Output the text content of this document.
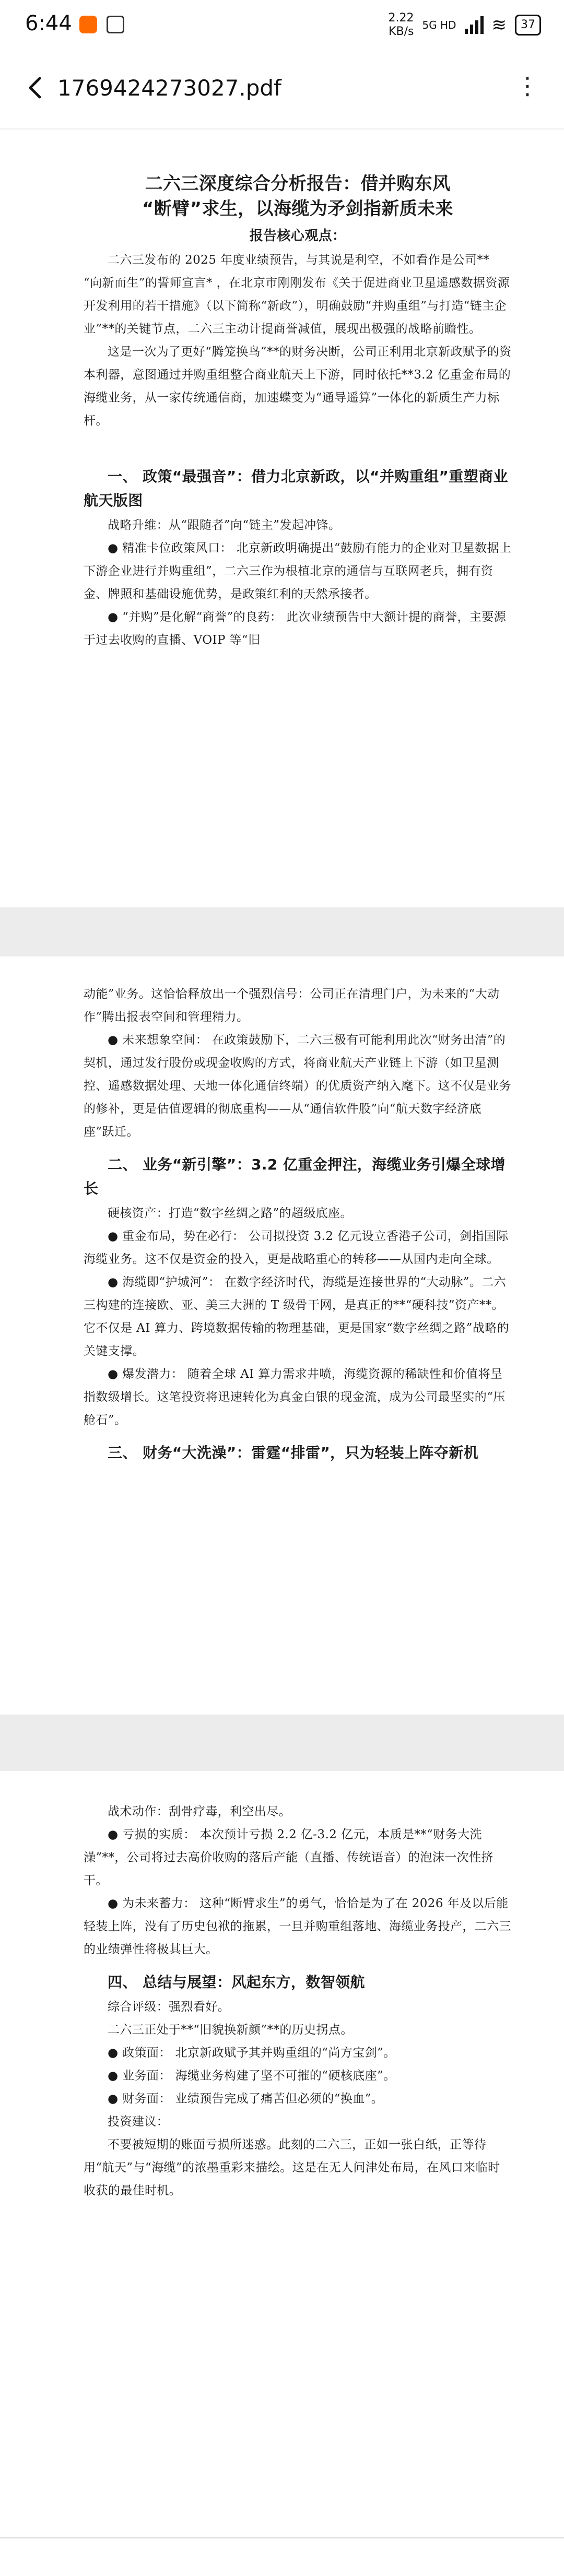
6:44	2.22
KB/s 5G HD ≋	37
1769424273027.pdf	⋮
二六三深度综合分析报告：借并购东风
“断臂”求生，以海缆为矛剑指新质未来
报告核心观点：

二六三发布的 2025 年度业绩预告，与其说是利空，不如看作是公司** “向新而生”的誓师宣言* ，在北京市刚刚发布《关于促进商业卫星遥感数据资源开发利用的若干措施》（以下简称“新政”），明确鼓励“并购重组”与打造“链主企业”**的关键节点，二六三主动计提商誉减值，展现出极强的战略前瞻性。

这是一次为了更好“腾笼换鸟”**的财务决断，公司正利用北京新政赋予的资本利器，意图通过并购重组整合商业航天上下游，同时依托**3.2 亿重金布局的海缆业务，从一家传统通信商，加速蝶变为“通导遥算”一体化的新质生产力标杆。

一、 政策“最强音”：借力北京新政，以“并购重组”重塑商业航天版图

战略升维：从“跟随者”向“链主”发起冲锋。

● 精准卡位政策风口： 北京新政明确提出“鼓励有能力的企业对卫星数据上下游企业进行并购重组”，二六三作为根植北京的通信与互联网老兵，拥有资金、牌照和基础设施优势，是政策红利的天然承接者。

● “并购”是化解“商誉”的良药： 此次业绩预告中大额计提的商誉，主要源于过去收购的直播、VOIP 等“旧

动能”业务。这恰恰释放出一个强烈信号：公司正在清理门户，为未来的“大动作”腾出报表空间和管理精力。

● 未来想象空间： 在政策鼓励下，二六三极有可能利用此次“财务出清”的契机，通过发行股份或现金收购的方式，将商业航天产业链上下游（如卫星测控、遥感数据处理、天地一体化通信终端）的优质资产纳入麾下。这不仅是业务的修补，更是估值逻辑的彻底重构——从“通信软件股”向“航天数字经济底座”跃迁。

二、 业务“新引擎”：3.2 亿重金押注，海缆业务引爆全球增长

硬核资产：打造“数字丝绸之路”的超级底座。

● 重金布局，势在必行： 公司拟投资 3.2 亿元设立香港子公司，剑指国际海缆业务。这不仅是资金的投入，更是战略重心的转移——从国内走向全球。

● 海缆即“护城河”： 在数字经济时代，海缆是连接世界的“大动脉”。二六三构建的连接欧、亚、美三大洲的 T 级骨干网，是真正的**“硬科技”资产**。它不仅是 AI 算力、跨境数据传输的物理基础，更是国家“数字丝绸之路”战略的关键支撑。

● 爆发潜力： 随着全球 AI 算力需求井喷，海缆资源的稀缺性和价值将呈指数级增长。这笔投资将迅速转化为真金白银的现金流，成为公司最坚实的“压舱石”。

三、 财务“大洗澡”：雷霆“排雷”，只为轻装上阵夺新机

战术动作：刮骨疗毒，利空出尽。

● 亏损的实质： 本次预计亏损 2.2 亿-3.2 亿元，本质是**“财务大洗澡”**，公司将过去高价收购的落后产能（直播、传统语音）的泡沫一次性挤干。

● 为未来蓄力： 这种“断臂求生”的勇气，恰恰是为了在 2026 年及以后能轻装上阵，没有了历史包袱的拖累，一旦并购重组落地、海缆业务投产，二六三的业绩弹性将极其巨大。

四、 总结与展望：风起东方，数智领航

综合评级：强烈看好。

二六三正处于**“旧貌换新颜”**的历史拐点。

● 政策面： 北京新政赋予其并购重组的“尚方宝剑”。

● 业务面： 海缆业务构建了坚不可摧的“硬核底座”。

● 财务面： 业绩预告完成了痛苦但必须的“换血”。

投资建议：

不要被短期的账面亏损所迷惑。此刻的二六三，正如一张白纸，正等待用“航天”与“海缆”的浓墨重彩来描绘。这是在无人问津处布局，在风口来临时收获的最佳时机。
